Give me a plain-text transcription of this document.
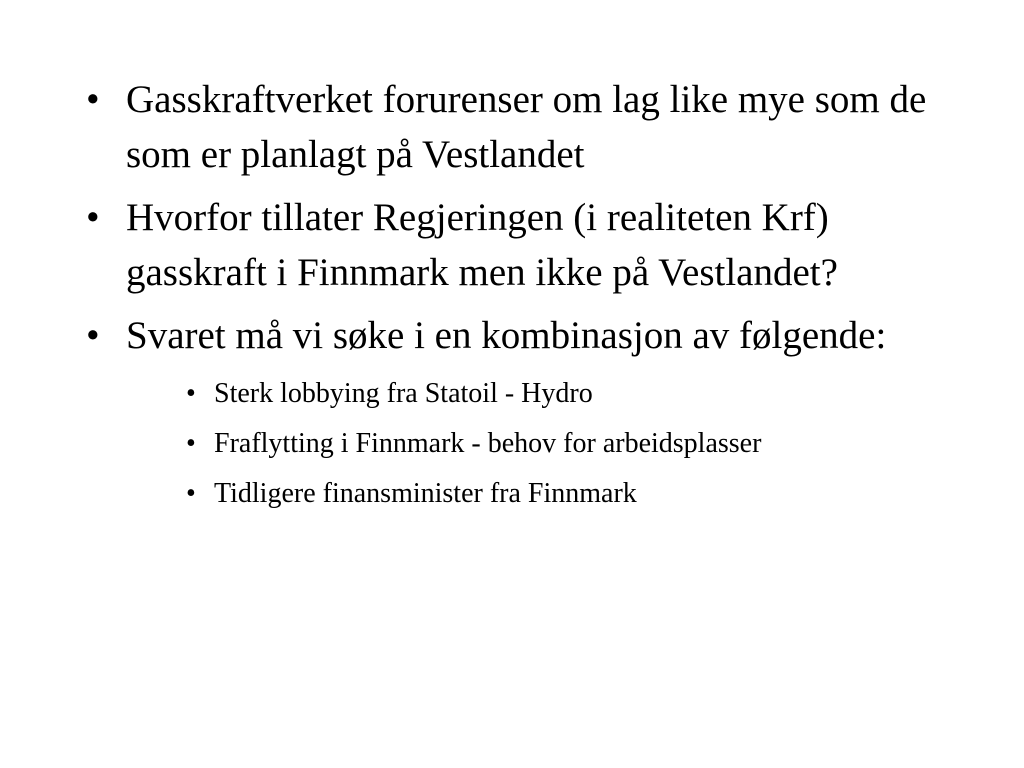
• Gasskraftverket forurenser om lag like mye som de som er planlagt på Vestlandet
• Hvorfor tillater Regjeringen (i realiteten Krf) gasskraft i Finnmark men ikke på Vestlandet?
• Svaret må vi søke i en kombinasjon av følgende:
• Sterk lobbying fra Statoil - Hydro
• Fraflytting i Finnmark - behov for arbeidsplasser
• Tidligere finansminister fra Finnmark
